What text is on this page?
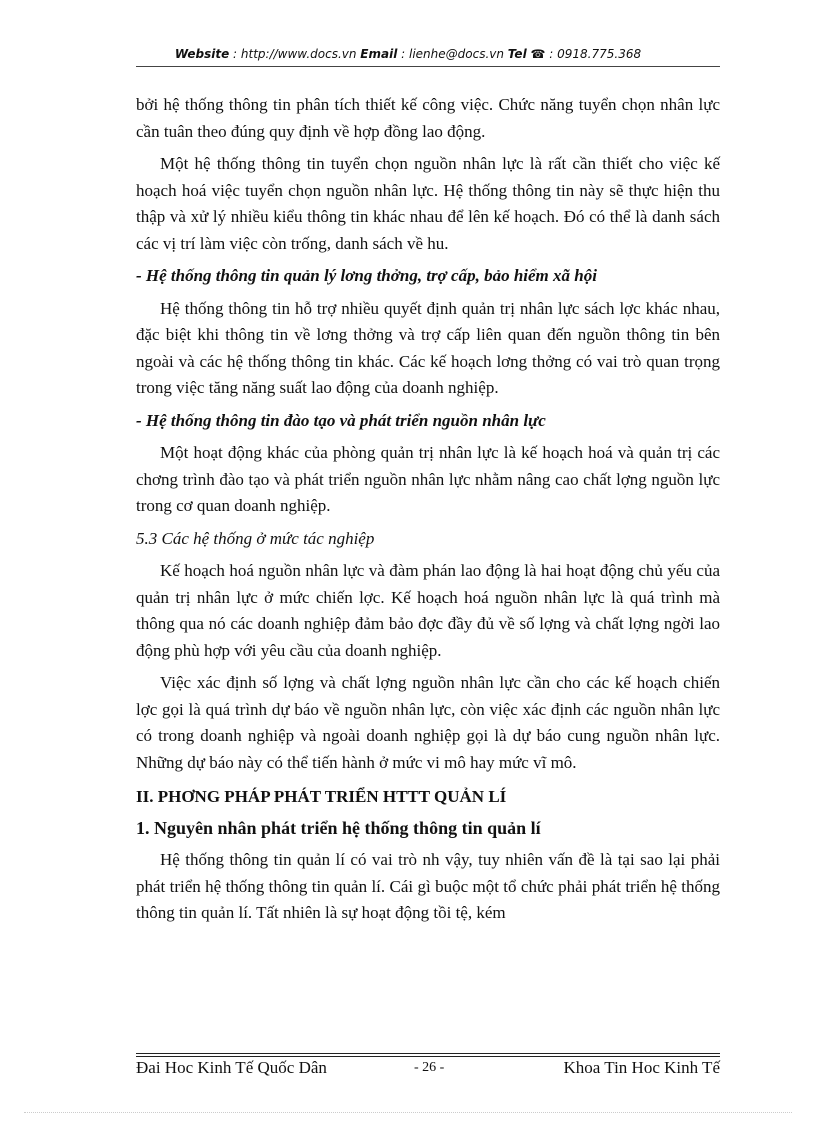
Website : http://www.docs.vn Email : lienhe@docs.vn Tel ☎ : 0918.775.368

bởi hệ thống thông tin phân tích thiết kế công việc. Chức năng tuyển chọn nhân lực cần tuân theo đúng quy định về hợp đồng lao động.

Một hệ thống thông tin tuyển chọn nguồn nhân lực là rất cần thiết cho việc kế hoạch hoá việc tuyển chọn nguồn nhân lực. Hệ thống thông tin này sẽ thực hiện thu thập và xử lý nhiều kiểu thông tin khác nhau để lên kế hoạch. Đó có thể là danh sách các vị trí làm việc còn trống, danh sách về hu.

- Hệ thống thông tin quản lý lơng thởng, trợ cấp, bảo hiểm xã hội

Hệ thống thông tin hỗ trợ nhiều quyết định quản trị nhân lực sách lợc khác nhau, đặc biệt khi thông tin về lơng thởng và trợ cấp liên quan đến nguồn thông tin bên ngoài và các hệ thống thông tin khác. Các kế hoạch lơng thởng có vai trò quan trọng trong việc tăng năng suất lao động của doanh nghiệp.

- Hệ thống thông tin đào tạo và phát triển nguồn nhân lực

Một hoạt động khác của phòng quản trị nhân lực là kế hoạch hoá và quản trị các chơng trình đào tạo và phát triển nguồn nhân lực nhằm nâng cao chất lợng nguồn lực trong cơ quan doanh nghiệp.

5.3 Các hệ thống ở mức tác nghiệp

Kế hoạch hoá nguồn nhân lực và đàm phán lao động là hai hoạt động chủ yếu của quản trị nhân lực ở mức chiến lợc. Kế hoạch hoá nguồn nhân lực là quá trình mà thông qua nó các doanh nghiệp đảm bảo đợc đầy đủ về số lợng và chất lợng ngời lao động phù hợp với yêu cầu của doanh nghiệp.

Việc xác định số lợng và chất lợng nguồn nhân lực cần cho các kế hoạch chiến lợc gọi là quá trình dự báo về nguồn nhân lực, còn việc xác định các nguồn nhân lực có trong doanh nghiệp và ngoài doanh nghiệp gọi là dự báo cung nguồn nhân lực. Những dự báo này có thể tiến hành ở mức vi mô hay mức vĩ mô.

II. PHƠNG PHÁP PHÁT TRIỂN HTTT QUẢN LÍ
1. Nguyên nhân phát triển hệ thống thông tin quản lí

Hệ thống thông tin quản lí có vai trò nh vậy, tuy nhiên vấn đề là tại sao lại phải phát triển hệ thống thông tin quản lí. Cái gì buộc một tổ chức phải phát triển hệ thống thông tin quản lí. Tất nhiên là sự hoạt động tồi tệ, kém

Đai Hoc Kinh Tế Quốc Dân	- 26 -	Khoa Tin Hoc Kinh Tế
